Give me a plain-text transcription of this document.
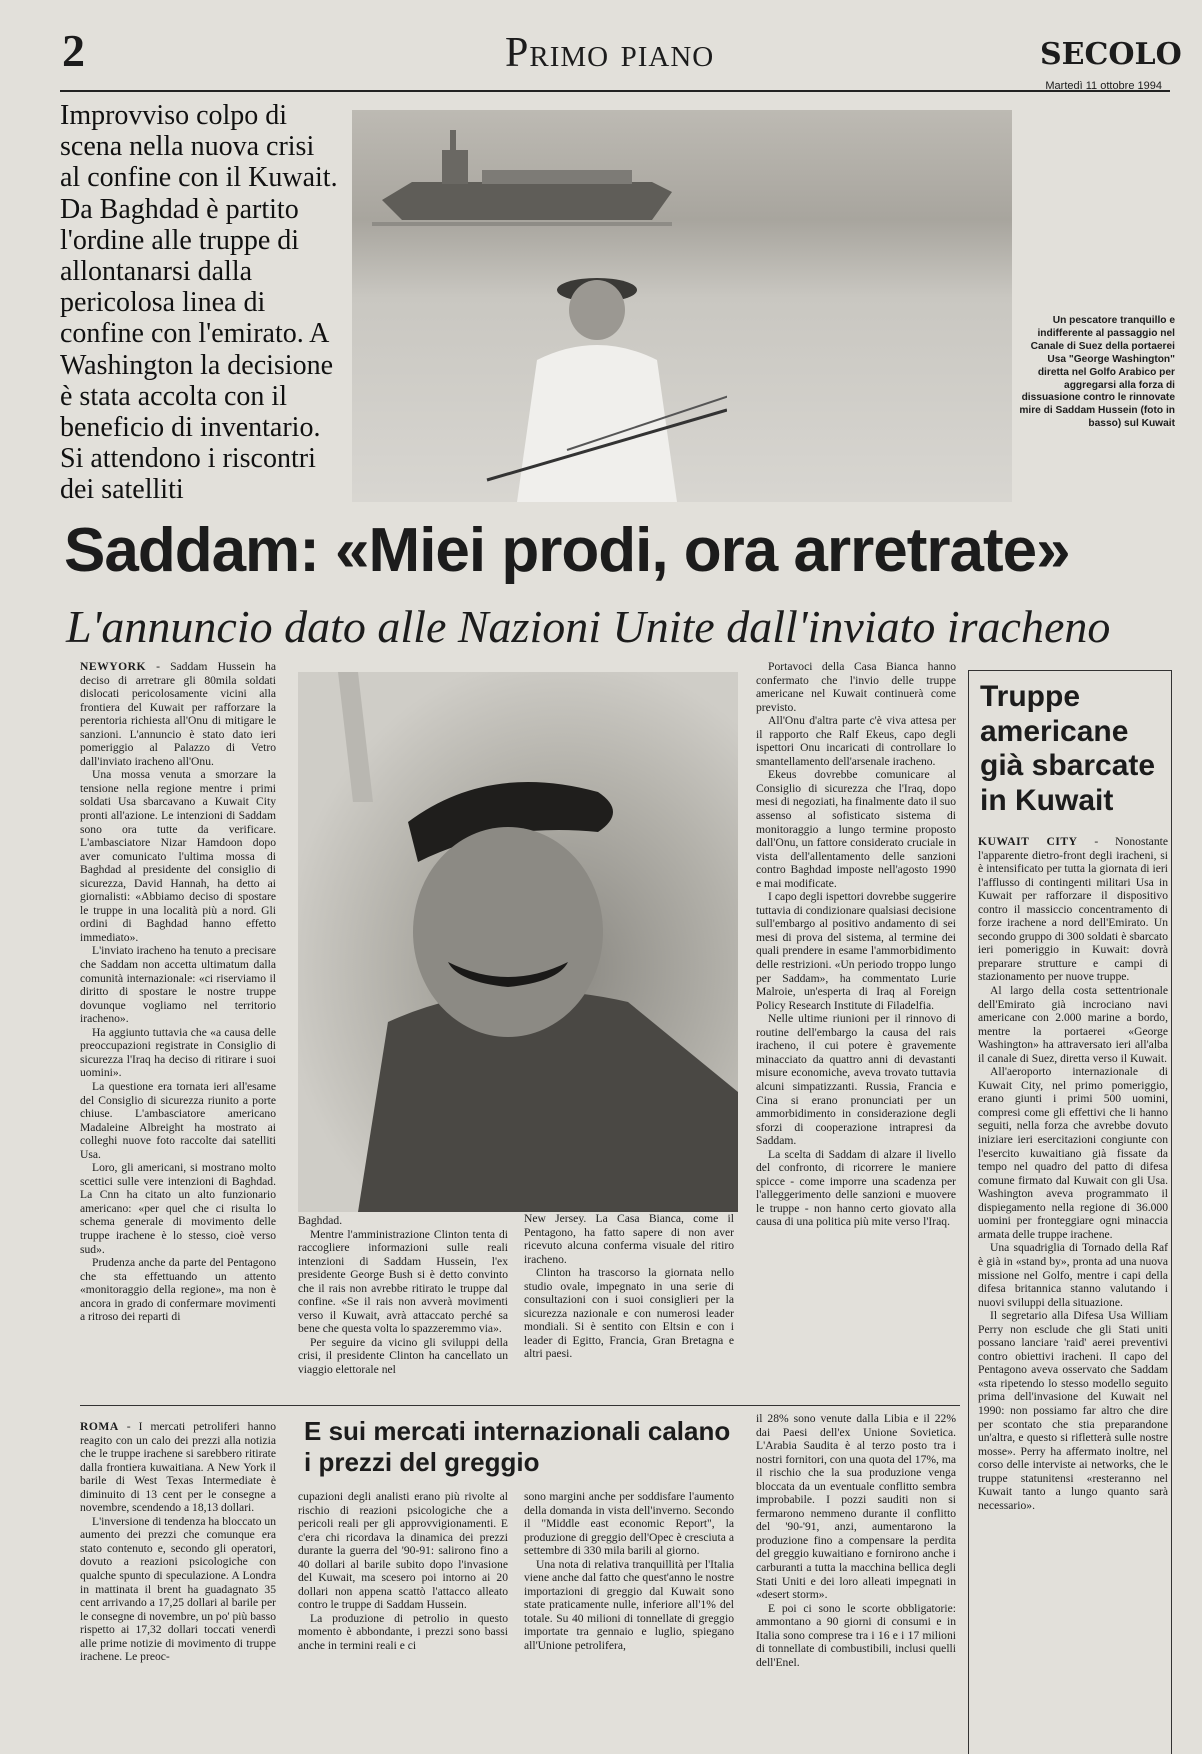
2	Primo piano	SECOLO
Martedì 11 ottobre 1994
Improvviso colpo di scena nella nuova crisi al confine con il Kuwait. Da Baghdad è partito l'ordine alle truppe di allontanarsi dalla pericolosa linea di confine con l'emirato. A Washington la decisione è stata accolta con il beneficio di inventario. Si attendono i riscontri dei satelliti
Un pescatore tranquillo e indifferente al passaggio nel Canale di Suez della portaerei Usa "George Washington" diretta nel Golfo Arabico per aggregarsi alla forza di dissuasione contro le rinnovate mire di Saddam Hussein (foto in basso) sul Kuwait
Saddam: «Miei prodi, ora arretrate»
L'annuncio dato alle Nazioni Unite dall'inviato iracheno

NEWYORK - Saddam Hussein ha deciso di arretrare gli 80mila soldati dislocati pericolosamente vicini alla frontiera del Kuwait per rafforzare la perentoria richiesta all'Onu di mitigare le sanzioni. L'annuncio è stato dato ieri pomeriggio al Palazzo di Vetro dall'inviato iracheno all'Onu.

Una mossa venuta a smorzare la tensione nella regione mentre i primi soldati Usa sbarcavano a Kuwait City pronti all'azione. Le intenzioni di Saddam sono ora tutte da verificare. L'ambasciatore Nizar Hamdoon dopo aver comunicato l'ultima mossa di Baghdad al presidente del consiglio di sicurezza, David Hannah, ha detto ai giornalisti: «Abbiamo deciso di spostare le truppe in una località più a nord. Gli ordini di Baghdad hanno effetto immediato».

L'inviato iracheno ha tenuto a precisare che Saddam non accetta ultimatum dalla comunità internazionale: «ci riserviamo il diritto di spostare le nostre truppe dovunque vogliamo nel territorio iracheno».

Ha aggiunto tuttavia che «a causa delle preoccupazioni registrate in Consiglio di sicurezza l'Iraq ha deciso di ritirare i suoi uomini».

La questione era tornata ieri all'esame del Consiglio di sicurezza riunito a porte chiuse. L'ambasciatore americano Madaleine Albreight ha mostrato ai colleghi nuove foto raccolte dai satelliti Usa.

Loro, gli americani, si mostrano molto scettici sulle vere intenzioni di Baghdad. La Cnn ha citato un alto funzionario americano: «per quel che ci risulta lo schema generale di movimento delle truppe irachene è lo stesso, cioè verso sud».

Prudenza anche da parte del Pentagono che sta effettuando un attento «monitoraggio della regione», ma non è ancora in grado di confermare movimenti a ritroso dei reparti di

Baghdad.

Mentre l'amministrazione Clinton tenta di raccogliere informazioni sulle reali intenzioni di Saddam Hussein, l'ex presidente George Bush si è detto convinto che il rais non avrebbe ritirato le truppe dal confine. «Se il rais non avverà movimenti verso il Kuwait, avrà attaccato perché sa bene che questa volta lo spazzeremmo via».

Per seguire da vicino gli sviluppi della crisi, il presidente Clinton ha cancellato un viaggio elettorale nel

New Jersey. La Casa Bianca, come il Pentagono, ha fatto sapere di non aver ricevuto alcuna conferma visuale del ritiro iracheno.

Clinton ha trascorso la giornata nello studio ovale, impegnato in una serie di consultazioni con i suoi consiglieri per la sicurezza nazionale e con numerosi leader mondiali. Si è sentito con Eltsin e con i leader di Egitto, Francia, Gran Bretagna e altri paesi.

Portavoci della Casa Bianca hanno confermato che l'invio delle truppe americane nel Kuwait continuerà come previsto.

All'Onu d'altra parte c'è viva attesa per il rapporto che Ralf Ekeus, capo degli ispettori Onu incaricati di controllare lo smantellamento dell'arsenale iracheno.

Ekeus dovrebbe comunicare al Consiglio di sicurezza che l'Iraq, dopo mesi di negoziati, ha finalmente dato il suo assenso al sofisticato sistema di monitoraggio a lungo termine proposto dall'Onu, un fattore considerato cruciale in vista dell'allentamento delle sanzioni contro Baghdad imposte nell'agosto 1990 e mai modificate.

I capo degli ispettori dovrebbe suggerire tuttavia di condizionare qualsiasi decisione sull'embargo al positivo andamento di sei mesi di prova del sistema, al termine dei quali prendere in esame l'ammorbidimento delle restrizioni. «Un periodo troppo lungo per Saddam», ha commentato Lurie Malroie, un'esperta di Iraq al Foreign Policy Research Institute di Filadelfia.

Nelle ultime riunioni per il rinnovo di routine dell'embargo la causa del rais iracheno, il cui potere è gravemente minacciato da quattro anni di devastanti misure economiche, aveva trovato tuttavia alcuni simpatizzanti. Russia, Francia e Cina si erano pronunciati per un ammorbidimento in considerazione degli sforzi di cooperazione intrapresi da Saddam.

La scelta di Saddam di alzare il livello del confronto, di ricorrere le maniere spicce - come imporre una scadenza per l'alleggerimento delle sanzioni e muovere le truppe - non hanno certo giovato alla causa di una politica più mite verso l'Iraq.

Truppe americane già sbarcate in Kuwait

KUWAIT CITY - Nonostante l'apparente dietro-front degli iracheni, si è intensificato per tutta la giornata di ieri l'afflusso di contingenti militari Usa in Kuwait per rafforzare il dispositivo contro il massiccio concentramento di forze irachene a nord dell'Emirato. Un secondo gruppo di 300 soldati è sbarcato ieri pomeriggio in Kuwait: dovrà preparare strutture e campi di stazionamento per nuove truppe.

Al largo della costa settentrionale dell'Emirato già incrociano navi americane con 2.000 marine a bordo, mentre la portaerei «George Washington» ha attraversato ieri all'alba il canale di Suez, diretta verso il Kuwait.

All'aeroporto internazionale di Kuwait City, nel primo pomeriggio, erano giunti i primi 500 uomini, compresi come gli effettivi che li hanno seguiti, nella forza che avrebbe dovuto iniziare ieri esercitazioni congiunte con l'esercito kuwaitiano già fissate da tempo nel quadro del patto di difesa comune firmato dal Kuwait con gli Usa. Washington aveva programmato il dispiegamento nella regione di 36.000 uomini per fronteggiare ogni minaccia armata delle truppe irachene.

Una squadriglia di Tornado della Raf è già in «stand by», pronta ad una nuova missione nel Golfo, mentre i capi della difesa britannica stanno valutando i nuovi sviluppi della situazione.

Il segretario alla Difesa Usa William Perry non esclude che gli Stati uniti possano lanciare 'raid' aerei preventivi contro obiettivi iracheni. Il capo del Pentagono aveva osservato che Saddam «sta ripetendo lo stesso modello seguito prima dell'invasione del Kuwait nel 1990: non possiamo far altro che dire per scontato che stia preparandone un'altra, e questo si rifletterà sulle nostre mosse». Perry ha affermato inoltre, nel corso delle interviste ai networks, che le truppe statunitensi «resteranno nel Kuwait tanto a lungo quanto sarà necessario».

E sui mercati internazionali calano i prezzi del greggio

ROMA - I mercati petroliferi hanno reagito con un calo dei prezzi alla notizia che le truppe irachene si sarebbero ritirate dalla frontiera kuwaitiana. A New York il barile di West Texas Intermediate è diminuito di 13 cent per le consegne a novembre, scendendo a 18,13 dollari.

L'inversione di tendenza ha bloccato un aumento dei prezzi che comunque era stato contenuto e, secondo gli operatori, dovuto a reazioni psicologiche con qualche spunto di speculazione. A Londra in mattinata il brent ha guadagnato 35 cent arrivando a 17,25 dollari al barile per le consegne di novembre, un po' più basso rispetto ai 17,32 dollari toccati venerdì alle prime notizie di movimento di truppe irachene. Le preoc-

cupazioni degli analisti erano più rivolte al rischio di reazioni psicologiche che a pericoli reali per gli approvvigionamenti. E c'era chi ricordava la dinamica dei prezzi durante la guerra del '90-91: salirono fino a 40 dollari al barile subito dopo l'invasione del Kuwait, ma scesero poi intorno ai 20 dollari non appena scattò l'attacco alleato contro le truppe di Saddam Hussein.

La produzione di petrolio in questo momento è abbondante, i prezzi sono bassi anche in termini reali e ci

sono margini anche per soddisfare l'aumento della domanda in vista dell'inverno. Secondo il "Middle east economic Report", la produzione di greggio dell'Opec è cresciuta a settembre di 330 mila barili al giorno.

Una nota di relativa tranquillità per l'Italia viene anche dal fatto che quest'anno le nostre importazioni di greggio dal Kuwait sono state praticamente nulle, inferiore all'1% del totale. Su 40 milioni di tonnellate di greggio importate tra gennaio e luglio, spiegano all'Unione petrolifera,

il 28% sono venute dalla Libia e il 22% dai Paesi dell'ex Unione Sovietica. L'Arabia Saudita è al terzo posto tra i nostri fornitori, con una quota del 17%, ma il rischio che la sua produzione venga bloccata da un eventuale conflitto sembra improbabile. I pozzi sauditi non si fermarono nemmeno durante il conflitto del '90-'91, anzi, aumentarono la produzione fino a compensare la perdita del greggio kuwaitiano e fornirono anche i carburanti a tutta la macchina bellica degli Stati Uniti e dei loro alleati impegnati in «desert storm».

E poi ci sono le scorte obbligatorie: ammontano a 90 giorni di consumi e in Italia sono comprese tra i 16 e i 17 milioni di tonnellate di combustibili, inclusi quelli dell'Enel.
